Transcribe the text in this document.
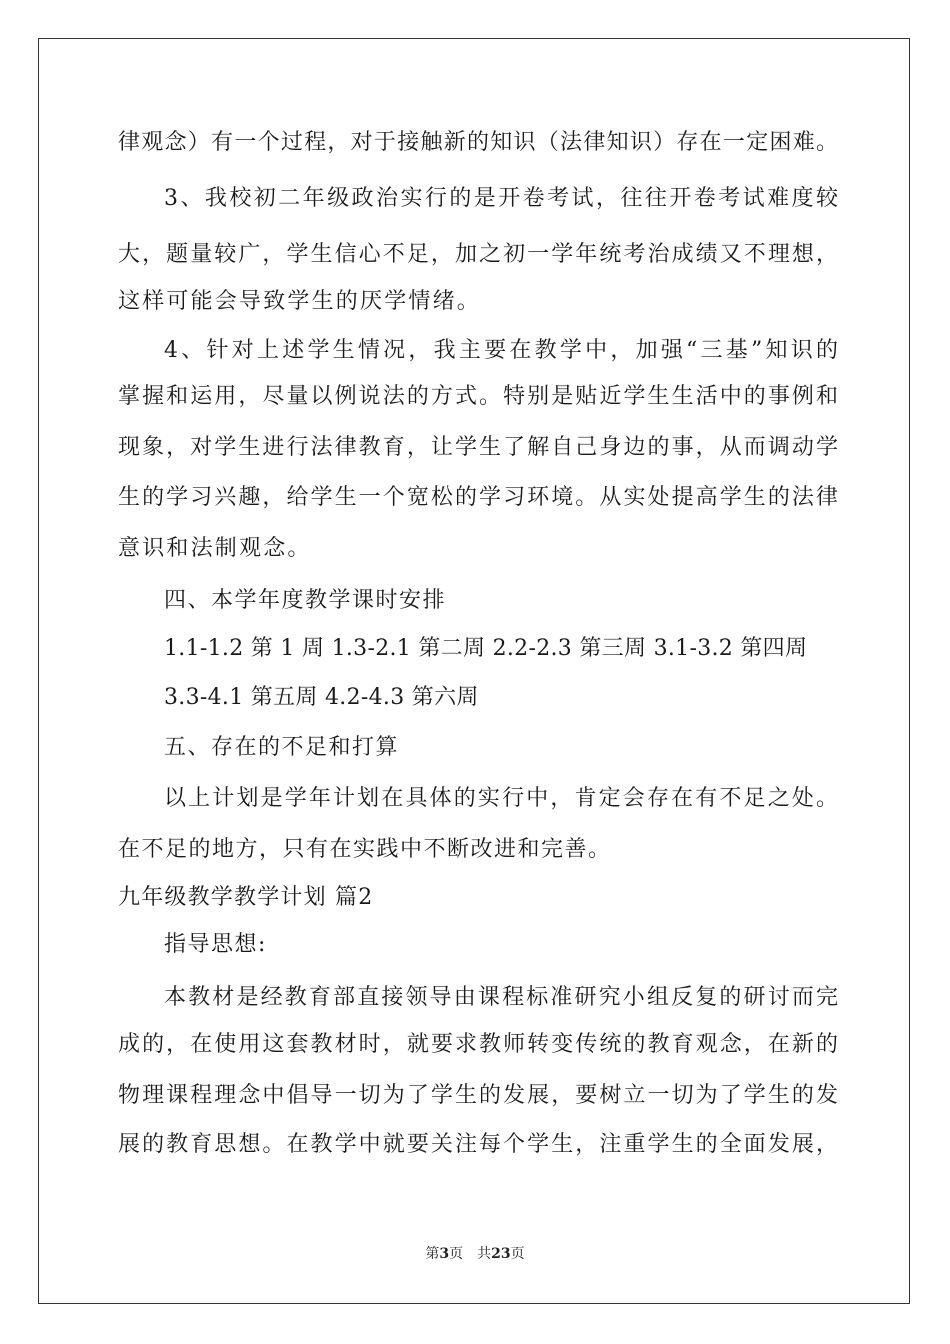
律观念）有一个过程，对于接触新的知识（法律知识）存在一定困难。
3、我校初二年级政治实行的是开卷考试，往往开卷考试难度较
大，题量较广，学生信心不足，加之初一学年统考治成绩又不理想，
这样可能会导致学生的厌学情绪。
4、针对上述学生情况，我主要在教学中，加强“三基”知识的
掌握和运用，尽量以例说法的方式。特别是贴近学生生活中的事例和
现象，对学生进行法律教育，让学生了解自己身边的事，从而调动学
生的学习兴趣，给学生一个宽松的学习环境。从实处提高学生的法律
意识和法制观念。
四、本学年度教学课时安排
1.1-1.2 第 1 周 1.3-2.1 第二周 2.2-2.3 第三周 3.1-3.2 第四周
3.3-4.1 第五周 4.2-4.3 第六周
五、存在的不足和打算
以上计划是学年计划在具体的实行中，肯定会存在有不足之处。
在不足的地方，只有在实践中不断改进和完善。
九年级教学教学计划 篇2
指导思想:
本教材是经教育部直接领导由课程标准研究小组反复的研讨而完
成的，在使用这套教材时，就要求教师转变传统的教育观念，在新的
物理课程理念中倡导一切为了学生的发展，要树立一切为了学生的发
展的教育思想。在教学中就要关注每个学生，注重学生的全面发展，
第3页 共23页
